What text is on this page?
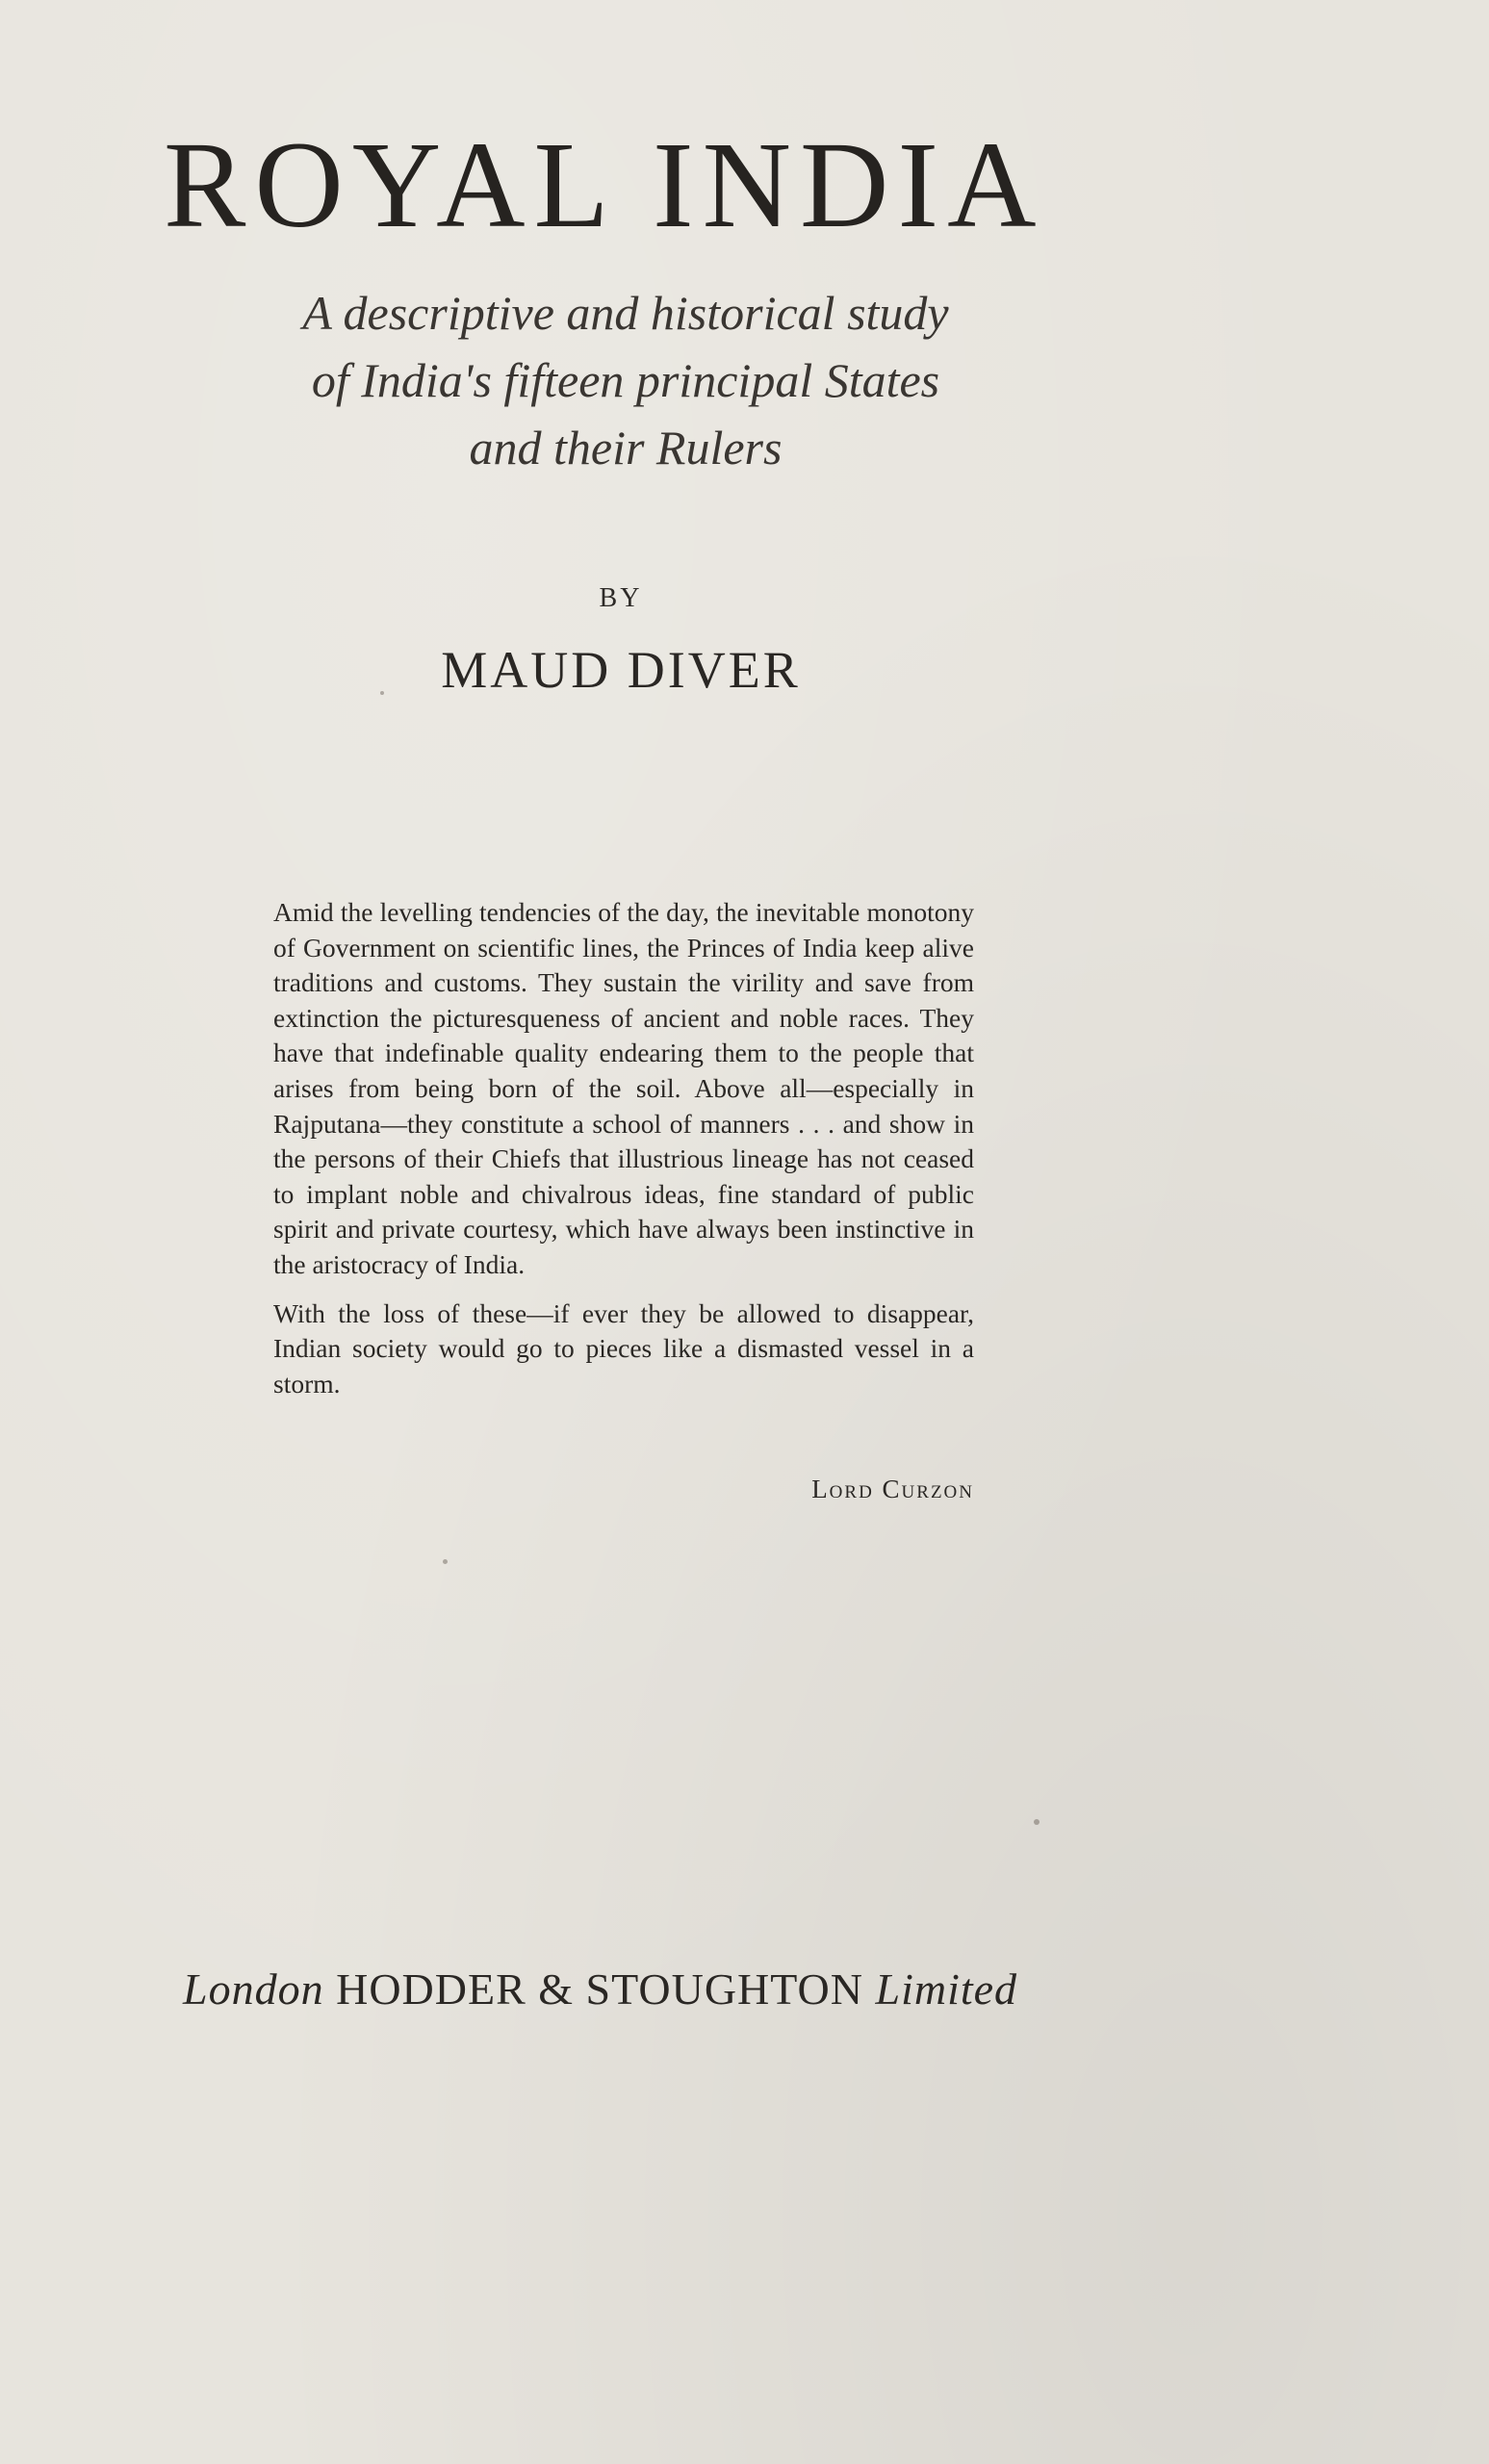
ROYAL INDIA
A descriptive and historical study
of India's fifteen principal States
and their Rulers
BY
MAUD DIVER

Amid the levelling tendencies of the day, the inevitable monotony of Government on scientific lines, the Princes of India keep alive traditions and customs. They sustain the virility and save from extinction the picturesqueness of ancient and noble races. They have that indefinable quality endearing them to the people that arises from being born of the soil. Above all—especially in Rajputana—they constitute a school of manners . . . and show in the persons of their Chiefs that illustrious lineage has not ceased to implant noble and chivalrous ideas, fine standard of public spirit and private courtesy, which have always been instinctive in the aristocracy of India.

With the loss of these—if ever they be allowed to disappear, Indian society would go to pieces like a dismasted vessel in a storm.

Lord Curzon
London HODDER & STOUGHTON Limited
